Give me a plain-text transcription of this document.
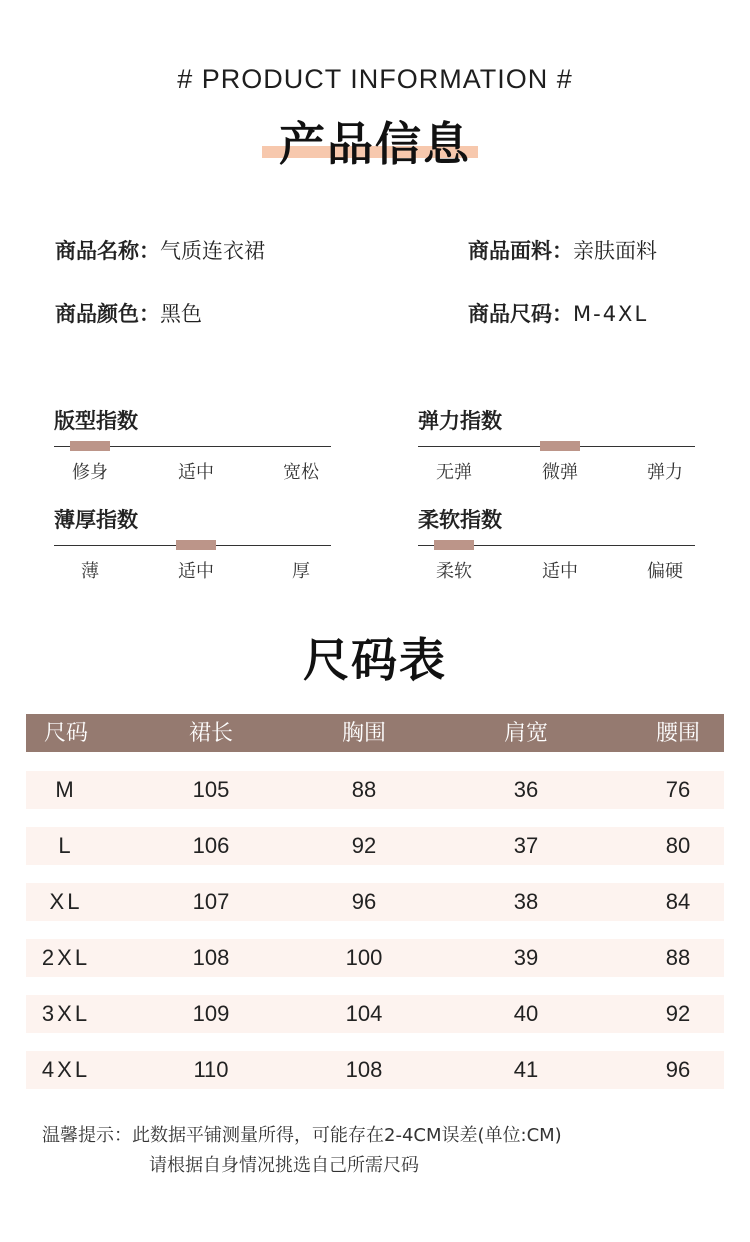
# PRODUCT INFORMATION #
产品信息
商品名称：气质连衣裙	商品面料：亲肤面料
商品颜色：黑色	商品尺码：M-4XL
版型指数
修身	适中	宽松
弹力指数
无弹	微弹	弹力
薄厚指数
薄	适中	厚
柔软指数
柔软	适中	偏硬
尺码表
尺码	裙长	胸围	肩宽	腰围
M	105	88	36	76
L	106	92	37	80
XL	107	96	38	84
2XL	108	100	39	88
3XL	109	104	40	92
4XL	110	108	41	96
温馨提示：此数据平铺测量所得，可能存在2-4CM误差(单位:CM)
请根据自身情况挑选自己所需尺码
